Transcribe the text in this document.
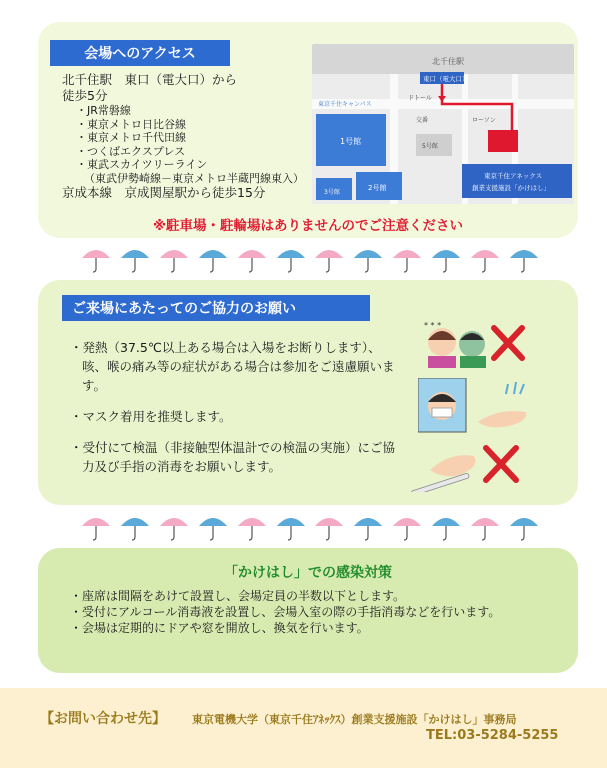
会場へのアクセス
北千住駅　東口（電大口）から
徒歩5分
・JR常磐線
・東京メトロ日比谷線
・東京メトロ千代田線
・つくばエクスプレス
・東武スカイツリーライン
（東武伊勢崎線－東京メトロ半蔵門線東入）
京成本線　京成関屋駅から徒歩15分
北千住駅
東口（電大口）
東京千住キャンパス
ドトール
1号館
2号館
3号館
5号館
ローソン
交番
東京千住アネックス
創業支援施設「かけはし」
※駐車場・駐輪場はありませんのでご注意ください
ご来場にあたってのご協力のお願い

・発熱（37.5℃以上ある場合は入場をお断りします）、咳、喉の痛み等の症状がある場合は参加をご遠慮願います。

・マスク着用を推奨します。

・受付にて検温（非接触型体温計での検温の実施）にご協力及び手指の消毒をお願いします。

* * *
「かけはし」での感染対策
・座席は間隔をあけて設置し、会場定員の半数以下とします。
・受付にアルコール消毒液を設置し、会場入室の際の手指消毒などを行います。
・会場は定期的にドアや窓を開放し、換気を行います。
【お問い合わせ先】 東京電機大学（東京千住ｱﾈｯｸｽ）創業支援施設「かけはし」事務局
TEL:03-5284-5255
